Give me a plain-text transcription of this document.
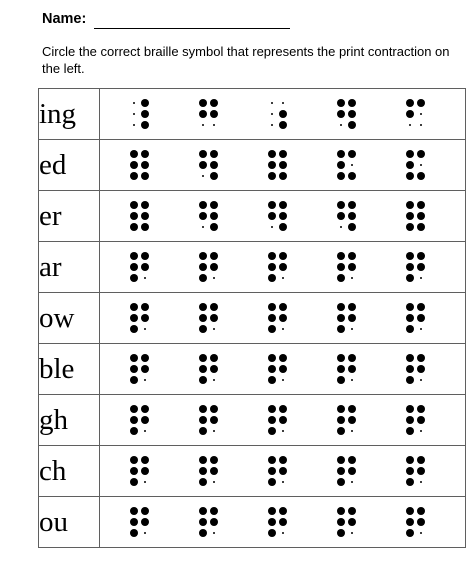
Name:
Circle the correct braille symbol that represents the print contraction on the left.
ing	

ed	

er	

ar	

ow	

ble	

gh	

ch	

ou	
